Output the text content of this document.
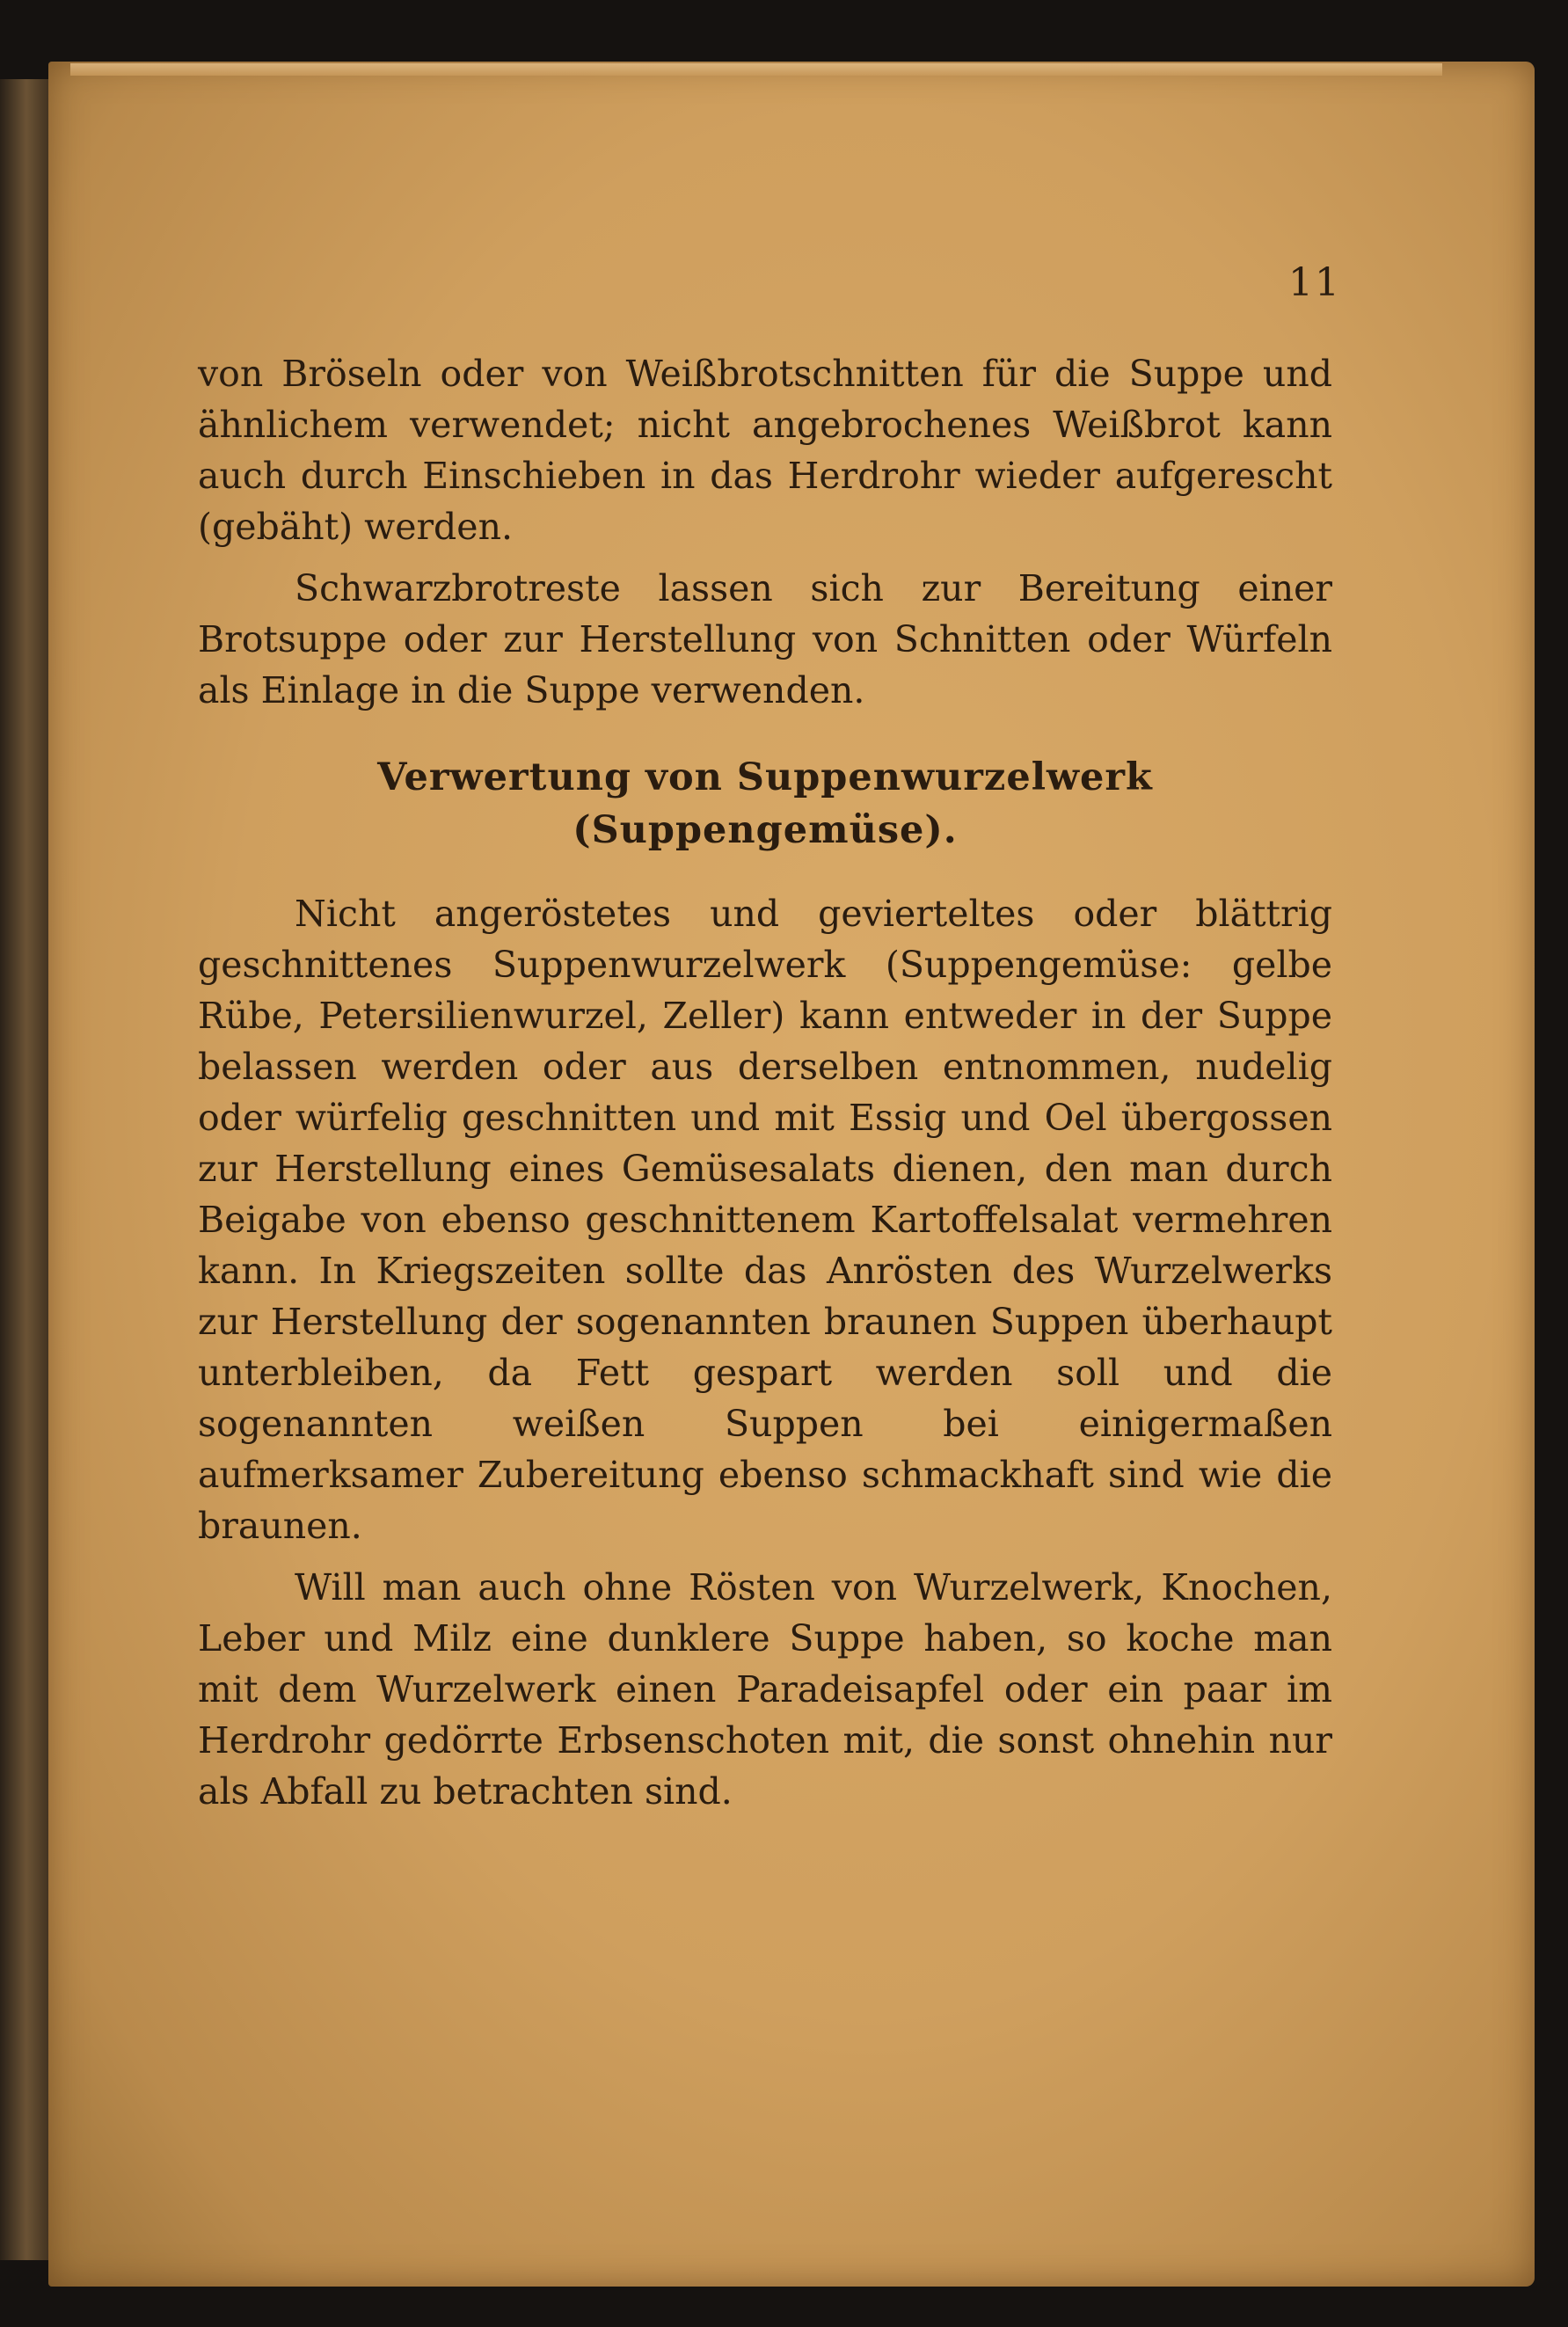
11

von Bröseln oder von Weißbrotschnitten für die Suppe und ähnlichem verwendet; nicht angebrochenes Weißbrot kann auch durch Einschieben in das Herdrohr wieder aufgerescht (gebäht) werden.

Schwarzbrotreste lassen sich zur Bereitung einer Brotsuppe oder zur Herstellung von Schnitten oder Würfeln als Einlage in die Suppe verwenden.

Verwertung von Suppenwurzelwerk (Suppengemüse).

Nicht angeröstetes und gevierteltes oder blättrig geschnittenes Suppenwurzelwerk (Suppengemüse: gelbe Rübe, Petersilienwurzel, Zeller) kann entweder in der Suppe belassen werden oder aus derselben entnommen, nudelig oder würfelig geschnitten und mit Essig und Oel übergossen zur Herstellung eines Gemüsesalats dienen, den man durch Beigabe von ebenso geschnittenem Kartoffelsalat vermehren kann. In Kriegszeiten sollte das Anrösten des Wurzelwerks zur Herstellung der sogenannten braunen Suppen überhaupt unterbleiben, da Fett gespart werden soll und die sogenannten weißen Suppen bei einigermaßen aufmerksamer Zubereitung ebenso schmackhaft sind wie die braunen.

Will man auch ohne Rösten von Wurzelwerk, Knochen, Leber und Milz eine dunklere Suppe haben, so koche man mit dem Wurzelwerk einen Paradeisapfel oder ein paar im Herdrohr gedörrte Erbsenschoten mit, die sonst ohnehin nur als Abfall zu betrachten sind.
